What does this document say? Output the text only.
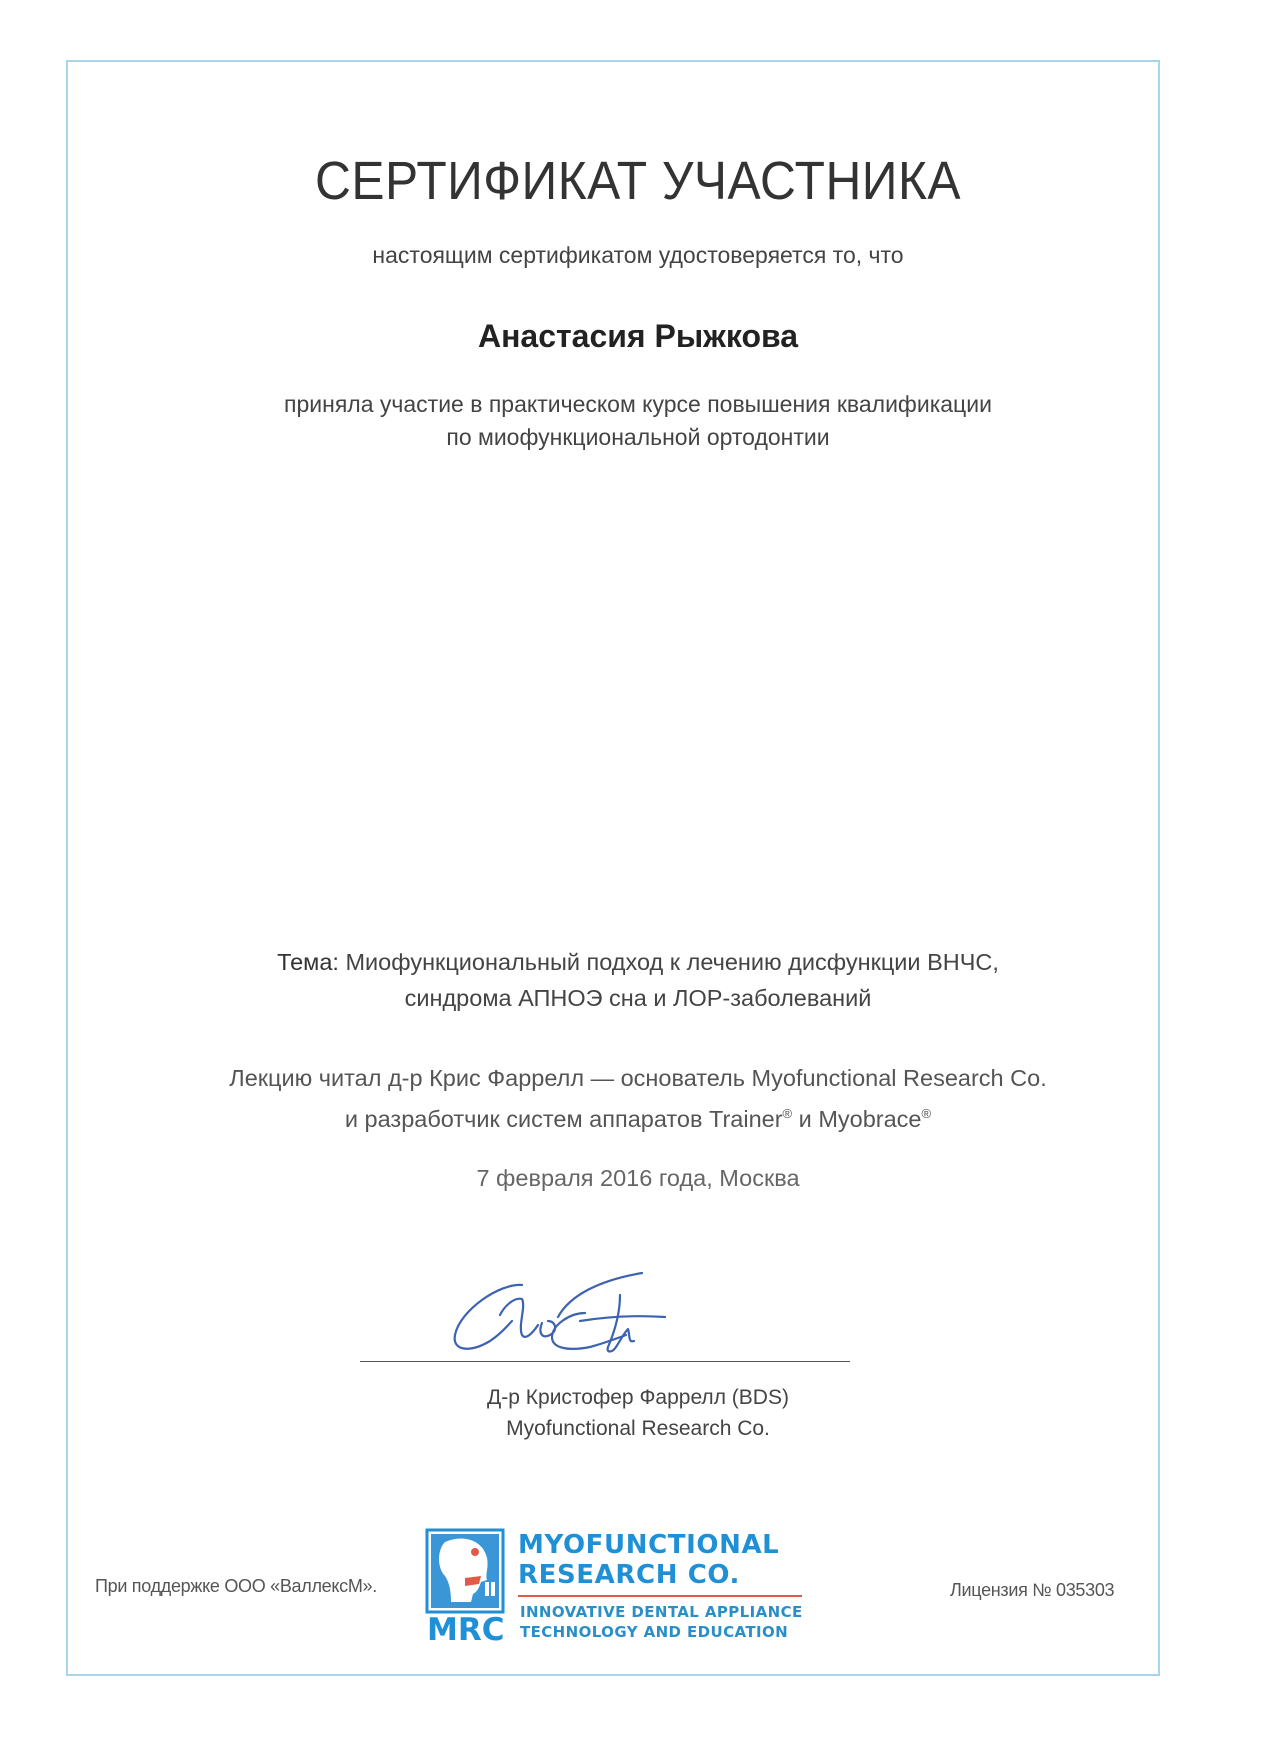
СЕРТИФИКАТ УЧАСТНИКА
настоящим сертификатом удостоверяется то, что
Анастасия Рыжкова
приняла участие в практическом курсе повышения квалификации
по миофункциональной ортодонтии
Тема: Миофункциональный подход к лечению дисфункции ВНЧС,
синдрома АПНОЭ сна и ЛОР-заболеваний
Лекцию читал д-р Крис Фаррелл — основатель Myofunctional Research Co.
и разработчик систем аппаратов Trainer® и Myobrace®
7 февраля 2016 года, Москва
Д-р Кристофер Фаррелл (BDS)
Myofunctional Research Co.
При поддержке ООО «ВаллексМ».
MRC
MYOFUNCTIONAL
RESEARCH CO.
INNOVATIVE DENTAL APPLIANCE
TECHNOLOGY AND EDUCATION
Лицензия № 035303
